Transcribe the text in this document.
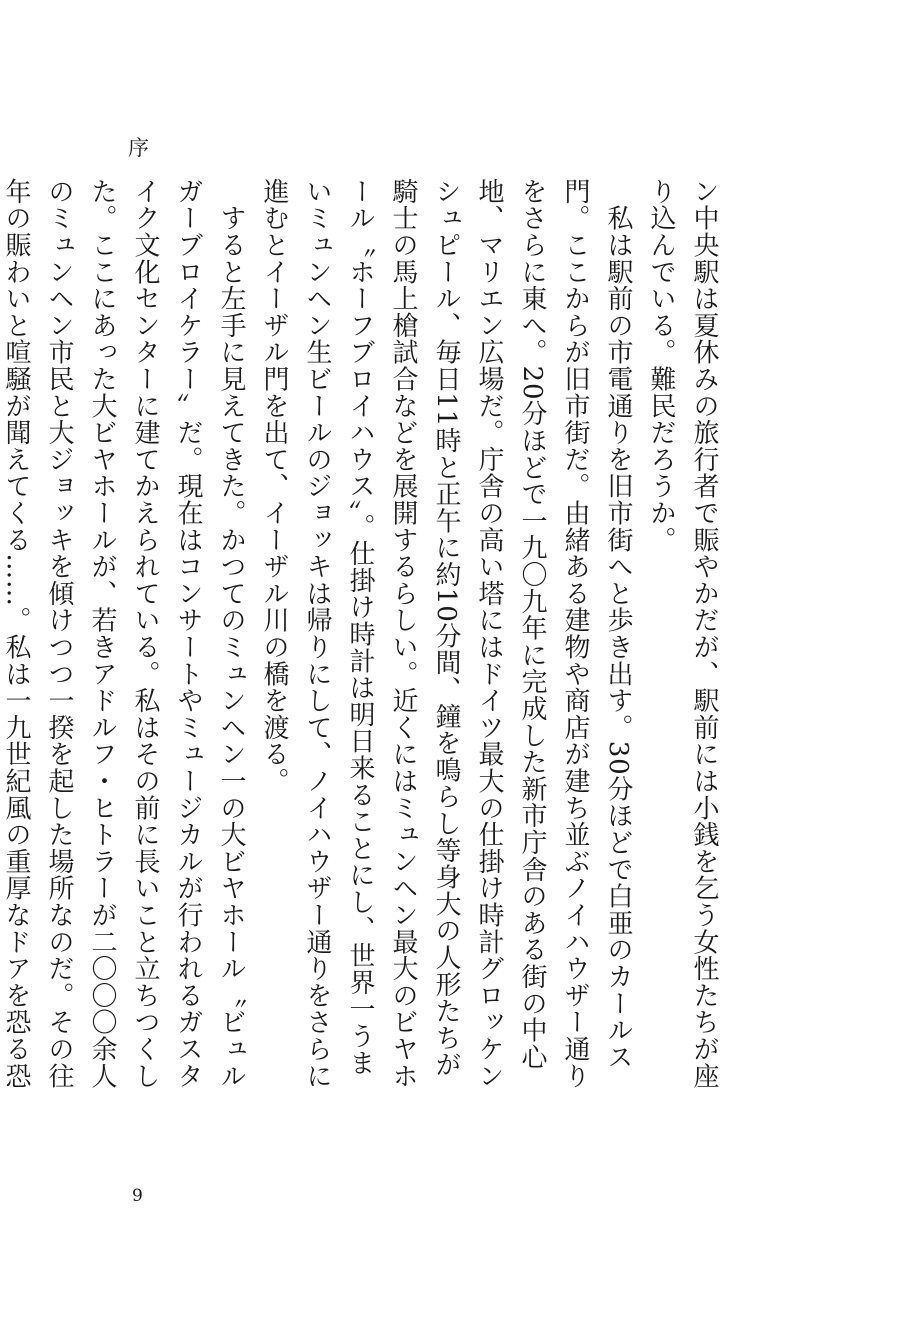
序

ン中央駅は夏休みの旅行者で賑やかだが、駅前には小銭を乞う女性たちが座り込んでいる。難民だろうか。

　私は駅前の市電通りを旧市街へと歩き出す。30分ほどで白亜のカールス門。ここからが旧市街だ。由緒ある建物や商店が建ち並ぶノイハウザー通りをさらに東へ。20分ほどで一九〇九年に完成した新市庁舎のある街の中心地、マリエン広場だ。庁舎の高い塔にはドイツ最大の仕掛け時計グロッケンシュピール、毎日11時と正午に約10分間、鐘を鳴らし等身大の人形たちが騎士の馬上槍試合などを展開するらしい。近くにはミュンヘン最大のビヤホール〝ホーフブロイハウス〟。仕掛け時計は明日来ることにし、世界一うまいミュンヘン生ビールのジョッキは帰りにして、ノイハウザー通りをさらに進むとイーザル門を出て、イーザル川の橋を渡る。

　すると左手に見えてきた。かつてのミュンヘン一の大ビヤホール〝ビュルガーブロイケラー〟だ。現在はコンサートやミュージカルが行われるガスタイク文化センターに建てかえられている。私はその前に長いこと立ちつくした。ここにあった大ビヤホールが、若きアドルフ・ヒトラーが二〇〇〇余人のミュンヘン市民と大ジョッキを傾けつつ一揆を起した場所なのだ。その往年の賑わいと喧騒が聞えてくる……。私は一九世紀風の重厚なドアを恐る恐

9
